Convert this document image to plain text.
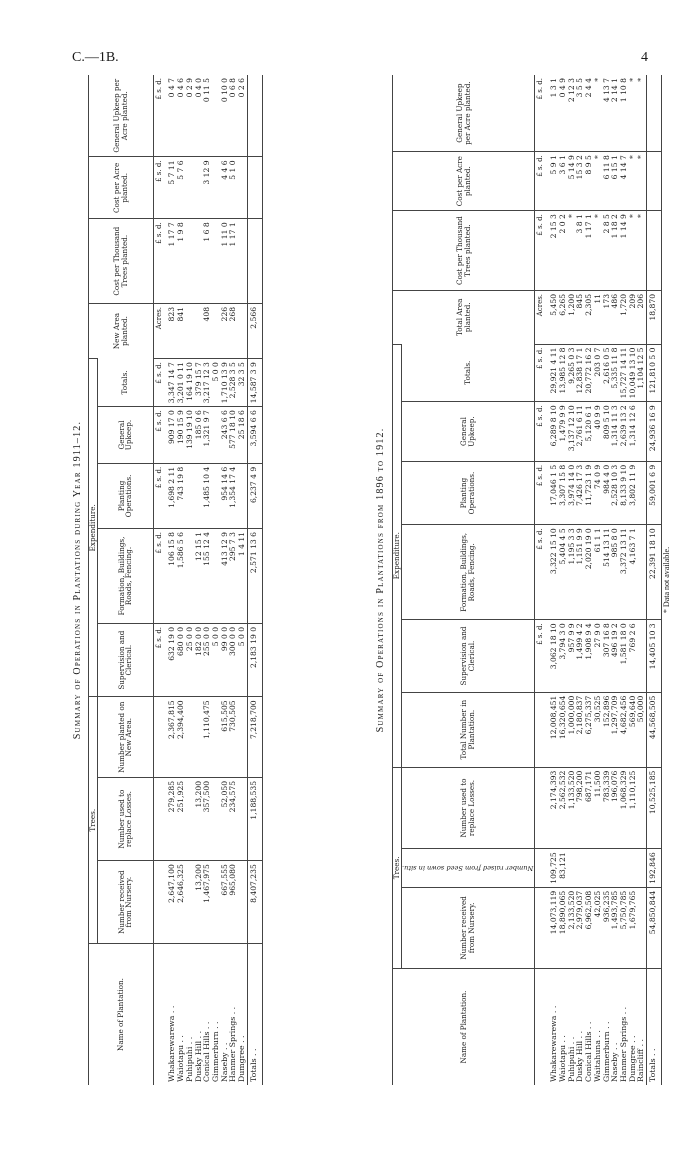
C.—1B.	4
Summary of Operations in Plantations during Year 1911–12.
Name of Plantation.	Trees.			Expenditure.					New Area planted.	Cost per Thousand Trees planted.	Cost per Acre planted.	General Upkeep per Acre planted.
	Number received from Nursery.	Number used to replace Losses.	Number planted on New Area.	Supervision and Clerical.	Formation, Buildings, Roads, Fencing.	Planting Operations.	General Upkeep.	Totals.				
				£ s. d.	£ s. d.	£ s. d.	£ s. d.	£ s. d.	Acres.	£ s. d.	£ s. d.	£ s. d.

Whakarewarewa . .	2,647,100	279,285	2,367,815	632 19 0	106 15 8	1,698 2 11	909 17 0	3,347 14 7	823	1 17 7	5 7 11	0 4 7
Waiotapu . .	2,646,325	251,925	2,394,400	680 0 0	1,586 5 6	743 19 8	190 15 9	3,201 0 11	841	1 9 8	5 7 6	0 4 6
Puhipuhi . .				25 0 0			139 19 10	164 19 10				0 2 9
Dusky Hill . .	13,200	13,200		182 0 0	12 15 1		185 0 6	379 15 7				0 4 0
Conical Hills . .	1,467,975	357,500	1,110,475	255 0 0	155 12 4	1,485 10 4	1,321 9 7	3,217 12 3	408	1 6 8	3 12 9	0 11 5
Gimmerburn . .				5 0 0				5 0 0				
Naseby . .	667,555	52,050	615,505	99 0 0	413 12 9	954 14 6	243 6 6	1,710 13 9	226	1 11 0	4 4 6	0 10 0
Hanmer Springs . .	965,080	234,575	730,505	300 0 0	295 7 3	1,354 17 4	577 18 10	2,528 3 5	268	1 17 1	5 1 0	0 6 8
Dumgree . .				5 0 0	1 4 11		25 18 6	32 3 5				0 2 6
Totals . .	8,407,235	1,188,535	7,218,700	2,183 19 0	2,571 13 6	6,237 4 9	3,594 6 6	14,587 3 9	2,566			
Summary of Operations in Plantations from 1896 to 1912.
Name of Plantation.	Trees.			Expenditure.						Total Area planted.	Cost per Thousand Trees planted.	Cost per Acre planted.	General Upkeep per Acre planted.
	Number received from Nursery.	Number raised from Seed sown in situ.	Number used to replace Losses.	Total Number in Plantation.	Supervision and Clerical.	Formation, Buildings, Roads, Fencing.	Planting Operations.	General Upkeep.	Totals.				
					£ s. d.	£ s. d.	£ s. d.	£ s. d.	£ s. d.	Acres.	£ s. d.	£ s. d.	£ s. d.

Whakarewarewa . .	14,073,119	109,725	2,174,393	12,008,451	3,062 18 10	3,322 15 10	17,046 1 5	6,289 8 10	29,921 4 11	5,450	2 15 3	5 9 1	1 3 1
Waiotapu . .	18,890,065	83,121	2,562,532	16,320,654	3,794 3 0	5,404 4 5	3,307 15 8	1,479 9 9	13,985 12 8	6,265	2 0 2	3 6 1	0 4 9
Puhipuhi . .	2,133,520		1,133,520	1,000,000	957 9 9	1,195 3 3	3,974 14 0	3,137 12 10	9,265 0 3	1,200	*	5 14 9	2 12 3
Dusky Hill . .	2,979,037		798,200	2,180,837	1,499 4 2	1,151 9 9	7,426 17 3	2,761 6 11	12,838 17 1	845	3 8 1	15 3 2	3 5 5
Conical Hills . .	6,962,508		687,171	6,275,337	1,908 9 4	2,020 19 0	11,723 1 9	5,120 6 1	20,772 16 2	2,305	1 17 1	8 9 5	2 4 4
Waitahuna . .	42,025		11,500	30,525	27 9 0	61 1 1	74 0 9	40 9 9	203 0 7	11	*	*	*
Gimmerburn . .	936,235		783,339	152,896	307 16 8	514 13 11	984 4 0	809 5 10	2,616 0 5	173	2 8 5	6 11 8	4 13 7
Naseby . .	1,493,785		196,076	1,297,709	496 19 2	985 8 0	2,528 10 3	1,314 11 3	5,335 11 8	486	1 18 2	6 15 1	2 14 1
Hanmer Springs . .	5,750,785		1,068,329	4,682,456	1,581 18 0	3,372 13 11	8,133 9 10	2,639 13 2	15,727 14 11	1,720	1 14 9	4 14 7	1 10 8
Dumgree . .	1,679,765		1,110,125	569,640	769 2 6	4,163 7 1	3,802 11 9	1,314 12 6	10,049 13 10	209	*	*	*
Raincliff . .				50,000					1,104 12 5	206	*	*	*
Totals . .	54,850,844	192,846	10,525,185	44,568,505	14,405 10 3	22,391 18 10	59,001 6 9	24,936 16 9	121,810 5 0	18,870			
* Data not available.
